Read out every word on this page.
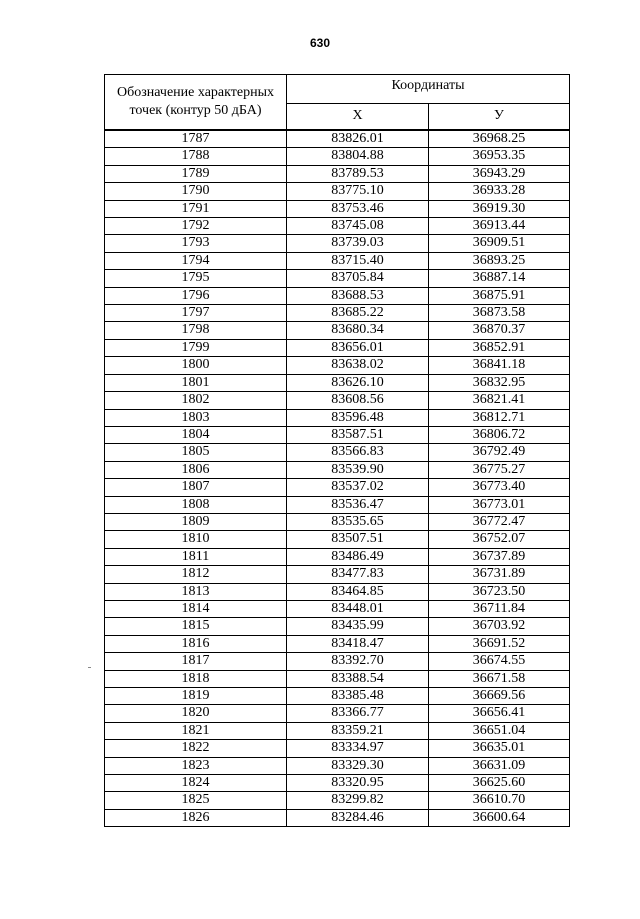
630
Обозначение характерных точек (контур 50 дБА)	Координаты	
	X	У
1787	83826.01	36968.25
1788	83804.88	36953.35
1789	83789.53	36943.29
1790	83775.10	36933.28
1791	83753.46	36919.30
1792	83745.08	36913.44
1793	83739.03	36909.51
1794	83715.40	36893.25
1795	83705.84	36887.14
1796	83688.53	36875.91
1797	83685.22	36873.58
1798	83680.34	36870.37
1799	83656.01	36852.91
1800	83638.02	36841.18
1801	83626.10	36832.95
1802	83608.56	36821.41
1803	83596.48	36812.71
1804	83587.51	36806.72
1805	83566.83	36792.49
1806	83539.90	36775.27
1807	83537.02	36773.40
1808	83536.47	36773.01
1809	83535.65	36772.47
1810	83507.51	36752.07
1811	83486.49	36737.89
1812	83477.83	36731.89
1813	83464.85	36723.50
1814	83448.01	36711.84
1815	83435.99	36703.92
1816	83418.47	36691.52
1817	83392.70	36674.55
1818	83388.54	36671.58
1819	83385.48	36669.56
1820	83366.77	36656.41
1821	83359.21	36651.04
1822	83334.97	36635.01
1823	83329.30	36631.09
1824	83320.95	36625.60
1825	83299.82	36610.70
1826	83284.46	36600.64
